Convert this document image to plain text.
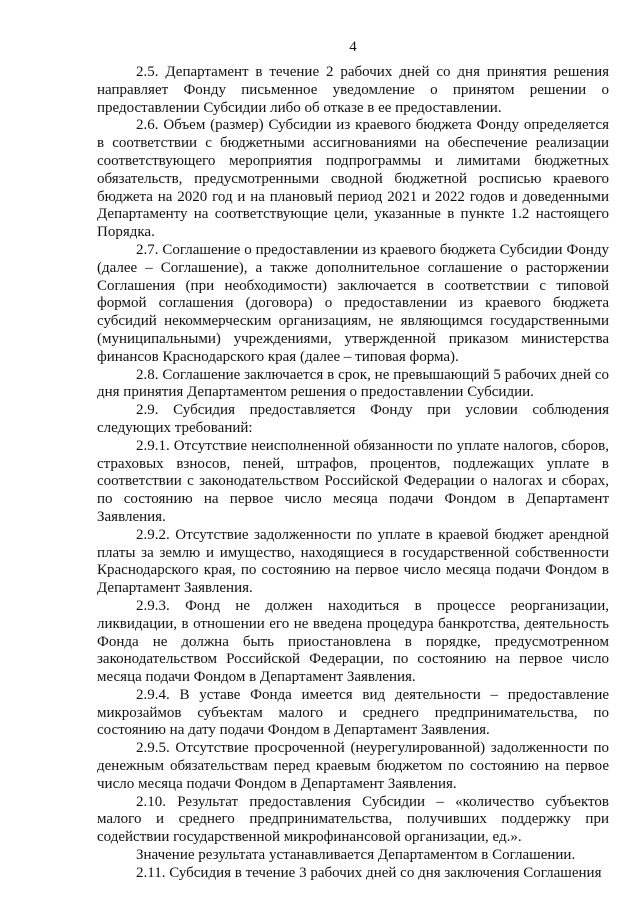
4

2.5. Департамент в течение 2 рабочих дней со дня принятия решения направляет Фонду письменное уведомление о принятом решении о предоставлении Субсидии либо об отказе в ее предоставлении.

2.6. Объем (размер) Субсидии из краевого бюджета Фонду определяется в соответствии с бюджетными ассигнованиями на обеспечение реализации соответствующего мероприятия подпрограммы и лимитами бюджетных обязательств, предусмотренными сводной бюджетной росписью краевого бюджета на 2020 год и на плановый период 2021 и 2022 годов и доведенными Департаменту на соответствующие цели, указанные в пункте 1.2 настоящего Порядка.

2.7. Соглашение о предоставлении из краевого бюджета Субсидии Фонду (далее – Соглашение), а также дополнительное соглашение о расторжении Соглашения (при необходимости) заключается в соответствии с типовой формой соглашения (договора) о предоставлении из краевого бюджета субсидий некоммерческим организациям, не являющимся государственными (муниципальными) учреждениями, утвержденной приказом министерства финансов Краснодарского края (далее – типовая форма).

2.8. Соглашение заключается в срок, не превышающий 5 рабочих дней со дня принятия Департаментом решения о предоставлении Субсидии.

2.9. Субсидия предоставляется Фонду при условии соблюдения следующих требований:

2.9.1. Отсутствие неисполненной обязанности по уплате налогов, сборов, страховых взносов, пеней, штрафов, процентов, подлежащих уплате в соответствии с законодательством Российской Федерации о налогах и сборах, по состоянию на первое число месяца подачи Фондом в Департамент Заявления.

2.9.2. Отсутствие задолженности по уплате в краевой бюджет арендной платы за землю и имущество, находящиеся в государственной собственности Краснодарского края, по состоянию на первое число месяца подачи Фондом в Департамент Заявления.

2.9.3. Фонд не должен находиться в процессе реорганизации, ликвидации, в отношении его не введена процедура банкротства, деятельность Фонда не должна быть приостановлена в порядке, предусмотренном законодательством Российской Федерации, по состоянию на первое число месяца подачи Фондом в Департамент Заявления.

2.9.4. В уставе Фонда имеется вид деятельности – предоставление микрозаймов субъектам малого и среднего предпринимательства, по состоянию на дату подачи Фондом в Департамент Заявления.

2.9.5. Отсутствие просроченной (неурегулированной) задолженности по денежным обязательствам перед краевым бюджетом по состоянию на первое число месяца подачи Фондом в Департамент Заявления.

2.10. Результат предоставления Субсидии – «количество субъектов малого и среднего предпринимательства, получивших поддержку при содействии государственной микрофинансовой организации, ед.».

Значение результата устанавливается Департаментом в Соглашении.

2.11. Субсидия в течение 3 рабочих дней со дня заключения Соглашения
